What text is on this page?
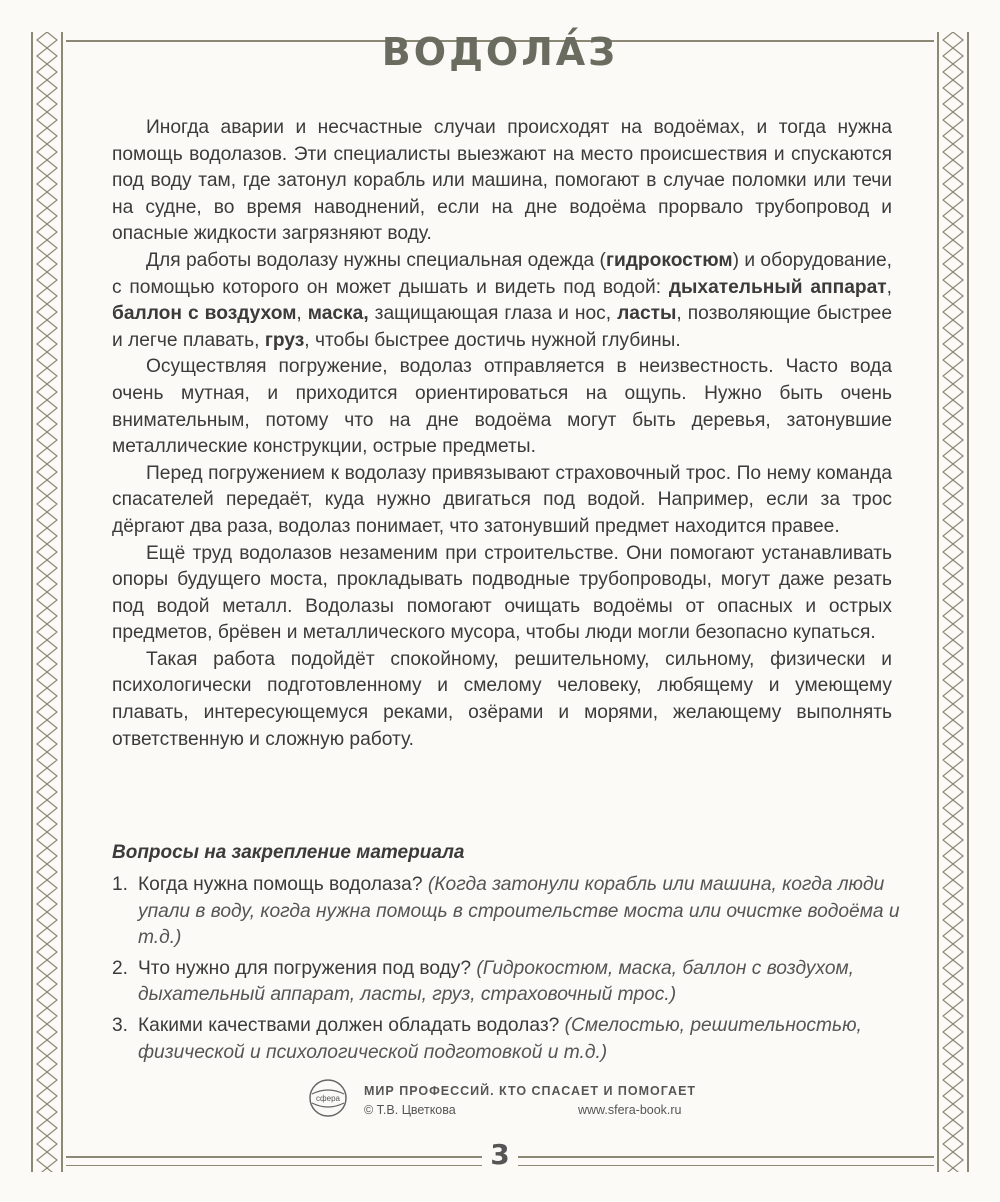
ВОДОЛА́З

Иногда аварии и несчастные случаи происходят на водоёмах, и тогда нужна помощь водолазов. Эти специалисты выезжают на место происшествия и спускаются под воду там, где затонул корабль или машина, помогают в случае поломки или течи на судне, во время наводнений, если на дне водоёма прорвало трубопровод и опасные жидкости загрязняют воду.

Для работы водолазу нужны специальная одежда (гидрокостюм) и оборудование, с помощью которого он может дышать и видеть под водой: дыхательный аппарат, баллон с воздухом, маска, защищающая глаза и нос, ласты, позволяющие быстрее и легче плавать, груз, чтобы быстрее достичь нужной глубины.

Осуществляя погружение, водолаз отправляется в неизвестность. Часто вода очень мутная, и приходится ориентироваться на ощупь. Нужно быть очень внимательным, потому что на дне водоёма могут быть деревья, затонувшие металлические конструкции, острые предметы.

Перед погружением к водолазу привязывают страховочный трос. По нему команда спасателей передаёт, куда нужно двигаться под водой. Например, если за трос дёргают два раза, водолаз понимает, что затонувший предмет находится правее.

Ещё труд водолазов незаменим при строительстве. Они помогают устанавливать опоры будущего моста, прокладывать подводные трубопроводы, могут даже резать под водой металл. Водолазы помогают очищать водоёмы от опасных и острых предметов, брёвен и металлического мусора, чтобы люди могли безопасно купаться.

Такая работа подойдёт спокойному, решительному, сильному, физически и психологически подготовленному и смелому человеку, любящему и умеющему плавать, интересующемуся реками, озёрами и морями, желающему выполнять ответственную и сложную работу.

Вопросы на закрепление материала
1. Когда нужна помощь водолаза? (Когда затонули корабль или машина, когда люди упали в воду, когда нужна помощь в строительстве моста или очистке водоёма и т.д.)
2. Что нужно для погружения под воду? (Гидрокостюм, маска, баллон с воздухом, дыхательный аппарат, ласты, груз, страховочный трос.)
3. Какими качествами должен обладать водолаз? (Смелостью, решительностью, физической и психологической подготовкой и т.д.)
сфера
МИР ПРОФЕССИЙ. КТО СПАСАЕТ И ПОМОГАЕТ
© Т.В. Цветкова	www.sfera-book.ru
3
